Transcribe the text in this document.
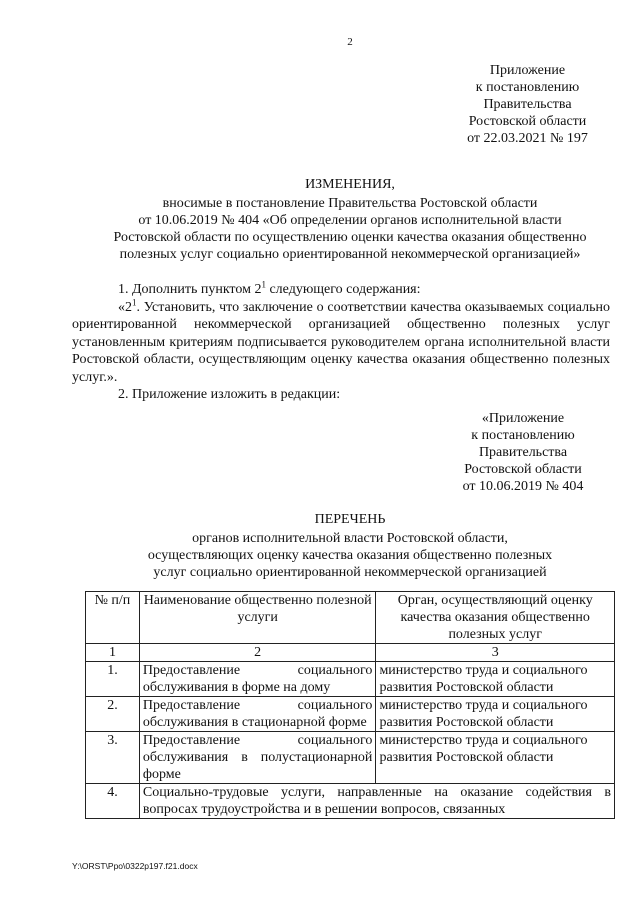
2
Приложение
к постановлению
Правительства
Ростовской области
от 22.03.2021 № 197
ИЗМЕНЕНИЯ,
вносимые в постановление Правительства Ростовской области
от 10.06.2019 № 404 «Об определении органов исполнительной власти
Ростовской области по осуществлению оценки качества оказания общественно
полезных услуг социально ориентированной некоммерческой организацией»
1. Дополнить пунктом $2^1$ следующего содержания:
«$2^1$. Установить, что заключение о соответствии качества оказываемых социально ориентированной некоммерческой организацией общественно полезных услуг установленным критериям подписывается руководителем органа исполнительной власти Ростовской области, осуществляющим оценку качества оказания общественно полезных услуг.».
2. Приложение изложить в редакции:
«Приложение
к постановлению
Правительства
Ростовской области
от 10.06.2019 № 404
ПЕРЕЧЕНЬ
органов исполнительной власти Ростовской области,
осуществляющих оценку качества оказания общественно полезных
услуг социально ориентированной некоммерческой организацией
№ п/п	Наименование общественно полезной услуги	Орган, осуществляющий оценку качества оказания общественно полезных услуг
1	2	3
1.	Предоставление социального обслуживания в форме на дому	министерство труда и социального развития Ростовской области
2.	Предоставление социального обслуживания в стационарной форме	министерство труда и социального развития Ростовской области
3.	Предоставление социального обслуживания в полустационарной форме	министерство труда и социального развития Ростовской области
4.	Социально-трудовые услуги, направленные на оказание содействия в вопросах трудоустройства и в решении вопросов, связанных	
Y:\ORST\Ppo\0322p197.f21.docx
